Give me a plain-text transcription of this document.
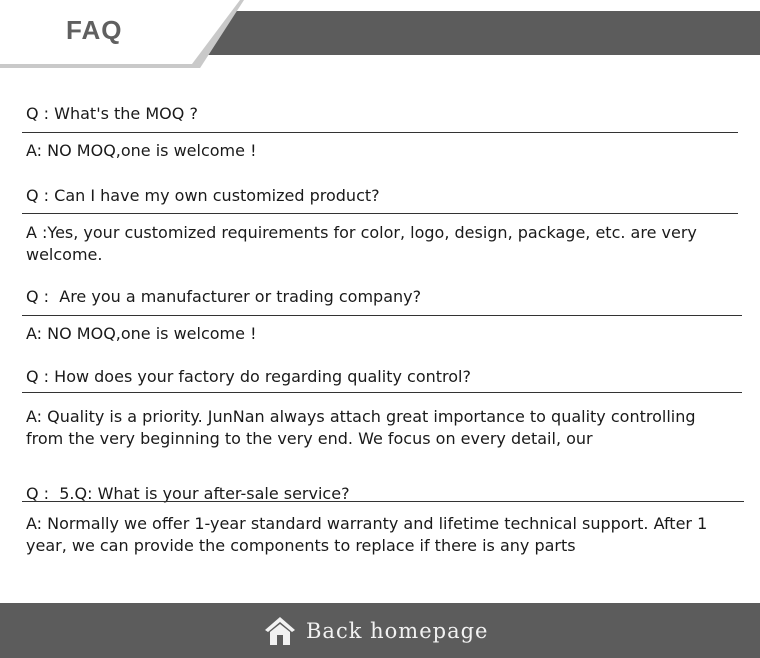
FAQ
Q : What's the MOQ ?
A: NO MOQ,one is welcome !
Q : Can I have my own customized product?
A :Yes, your customized requirements for color, logo, design, package, etc. are very welcome.
Q :  Are you a manufacturer or trading company?
A: NO MOQ,one is welcome !
Q : How does your factory do regarding quality control?
A: Quality is a priority. JunNan always attach great importance to quality controlling from the very beginning to the very end. We focus on every detail, our
Q :  5.Q: What is your after-sale service?
A: Normally we offer 1-year standard warranty and lifetime technical support. After 1 year, we can provide the components to replace if there is any parts
Back homepage
